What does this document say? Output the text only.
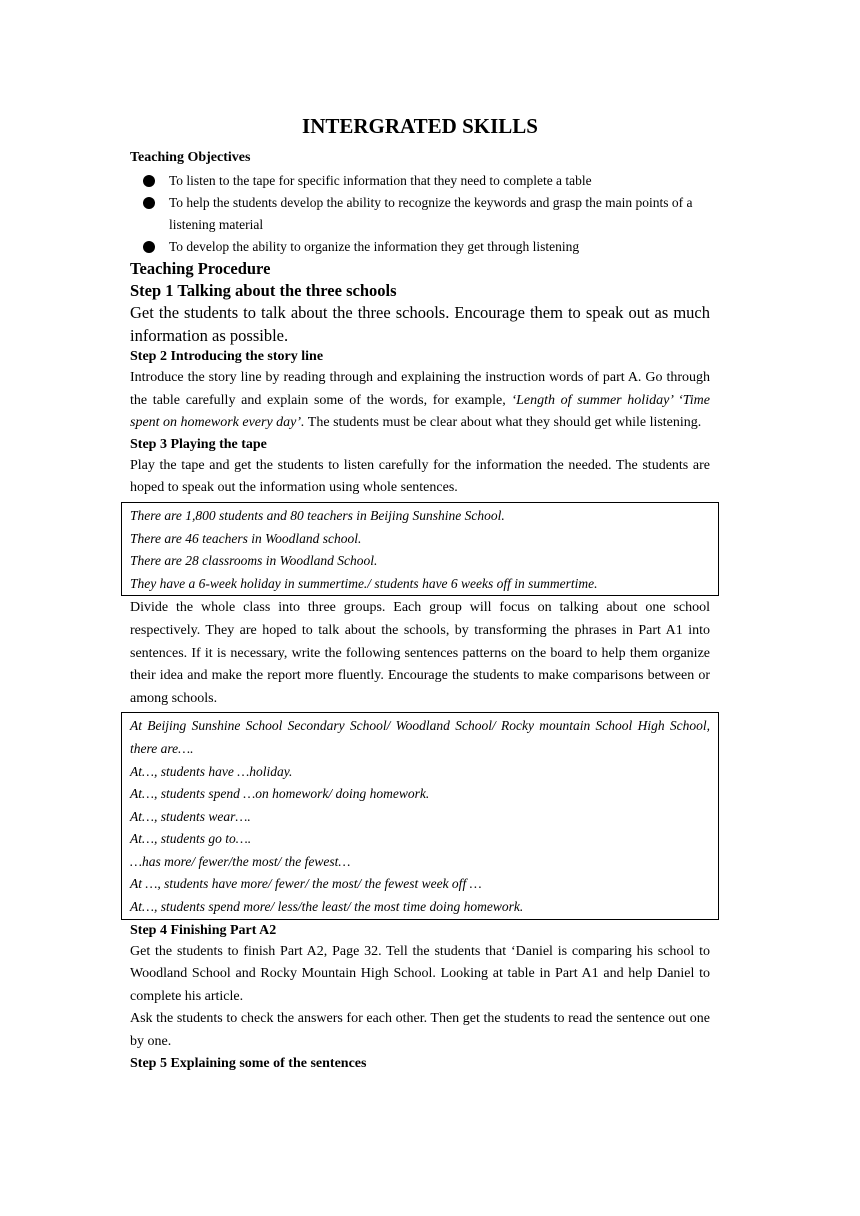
INTERGRATED SKILLS

Teaching Objectives

To listen to the tape for specific information that they need to complete a table
To help the students develop the ability to recognize the keywords and grasp the main points of a listening material
To develop the ability to organize the information they get through listening

Teaching Procedure

Step 1 Talking about the three schools

Get the students to talk about the three schools. Encourage them to speak out as much information as possible.

Step 2 Introducing the story line

Introduce the story line by reading through and explaining the instruction words of part A. Go through the table carefully and explain some of the words, for example, ‘Length of summer holiday’ ‘Time spent on homework every day’. The students must be clear about what they should get while listening.

Step 3 Playing the tape

Play the tape and get the students to listen carefully for the information the needed. The students are hoped to speak out the information using whole sentences.

There are 1,800 students and 80 teachers in Beijing Sunshine School.

There are 46 teachers in Woodland school.

There are 28 classrooms in Woodland School.

They have a 6-week holiday in summertime./ students have 6 weeks off in summertime.

Divide the whole class into three groups. Each group will focus on talking about one school respectively. They are hoped to talk about the schools, by transforming the phrases in Part A1 into sentences. If it is necessary, write the following sentences patterns on the board to help them organize their idea and make the report more fluently. Encourage the students to make comparisons between or among schools.

At Beijing Sunshine School Secondary School/ Woodland School/ Rocky mountain School High School, there are….

At…, students have …holiday.

At…, students spend …on homework/ doing homework.

At…, students wear….

At…, students go to….

…has more/ fewer/the most/ the fewest…

At …, students have more/ fewer/ the most/ the fewest week off …

At…, students spend more/ less/the least/ the most time doing homework.

Step 4 Finishing Part A2

Get the students to finish Part A2, Page 32. Tell the students that ‘Daniel is comparing his school to Woodland School and Rocky Mountain High School. Looking at table in Part A1 and help Daniel to complete his article.

Ask the students to check the answers for each other. Then get the students to read the sentence out one by one.

Step 5 Explaining some of the sentences
